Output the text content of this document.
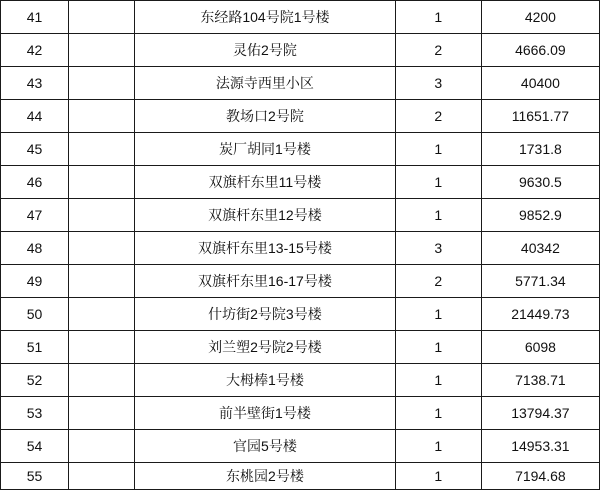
41		东经路104号院1号楼	1	4200
42		灵佑2号院	2	4666.09
43		法源寺西里小区	3	40400
44		教场口2号院	2	11651.77
45		炭厂胡同1号楼	1	1731.8
46		双旗杆东里11号楼	1	9630.5
47		双旗杆东里12号楼	1	9852.9
48		双旗杆东里13-15号楼	3	40342
49		双旗杆东里16-17号楼	2	5771.34
50		什坊街2号院3号楼	1	21449.73
51		刘兰塑2号院2号楼	1	6098
52		大栂棒1号楼	1	7138.71
53		前半壁街1号楼	1	13794.37
54		官园5号楼	1	14953.31
55		东桃园2号楼	1	7194.68
